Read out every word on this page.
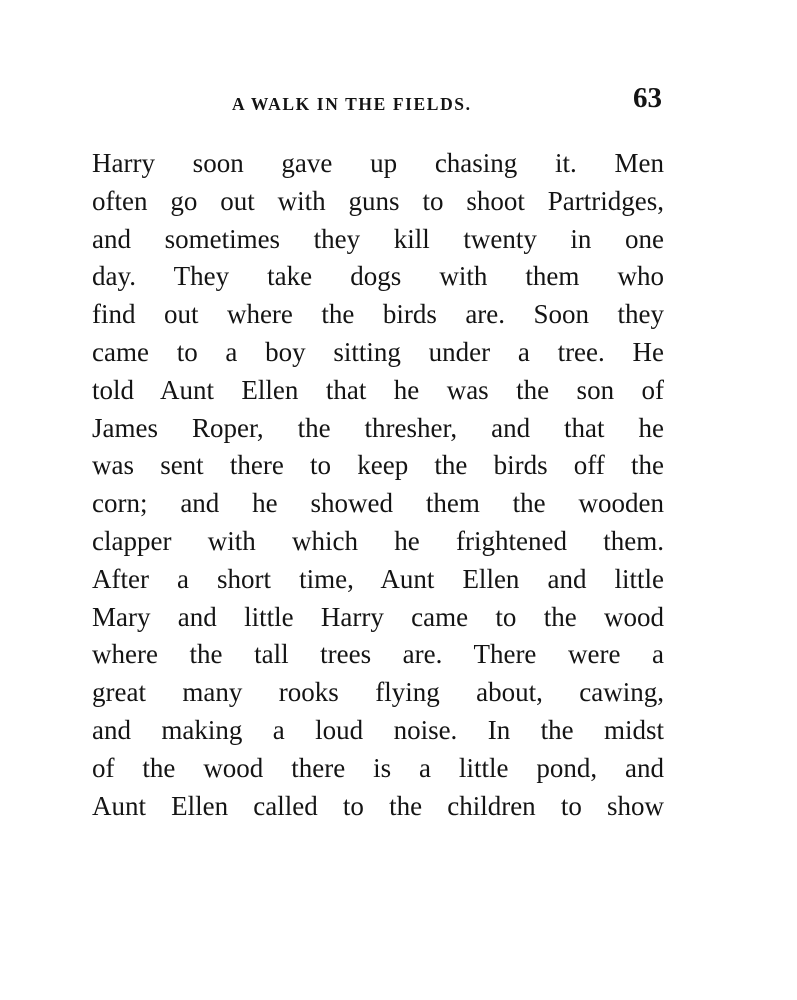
A WALK IN THE FIELDS.	63
Harry soon gave up chasing it. Men
often go out with guns to shoot Partridges,
and sometimes they kill twenty in one
day. They take dogs with them who
find out where the birds are. Soon they
came to a boy sitting under a tree. He
told Aunt Ellen that he was the son of
James Roper, the thresher, and that he
was sent there to keep the birds off the
corn; and he showed them the wooden
clapper with which he frightened them.
After a short time, Aunt Ellen and little
Mary and little Harry came to the wood
where the tall trees are. There were a
great many rooks flying about, cawing,
and making a loud noise. In the midst
of the wood there is a little pond, and
Aunt Ellen called to the children to show
